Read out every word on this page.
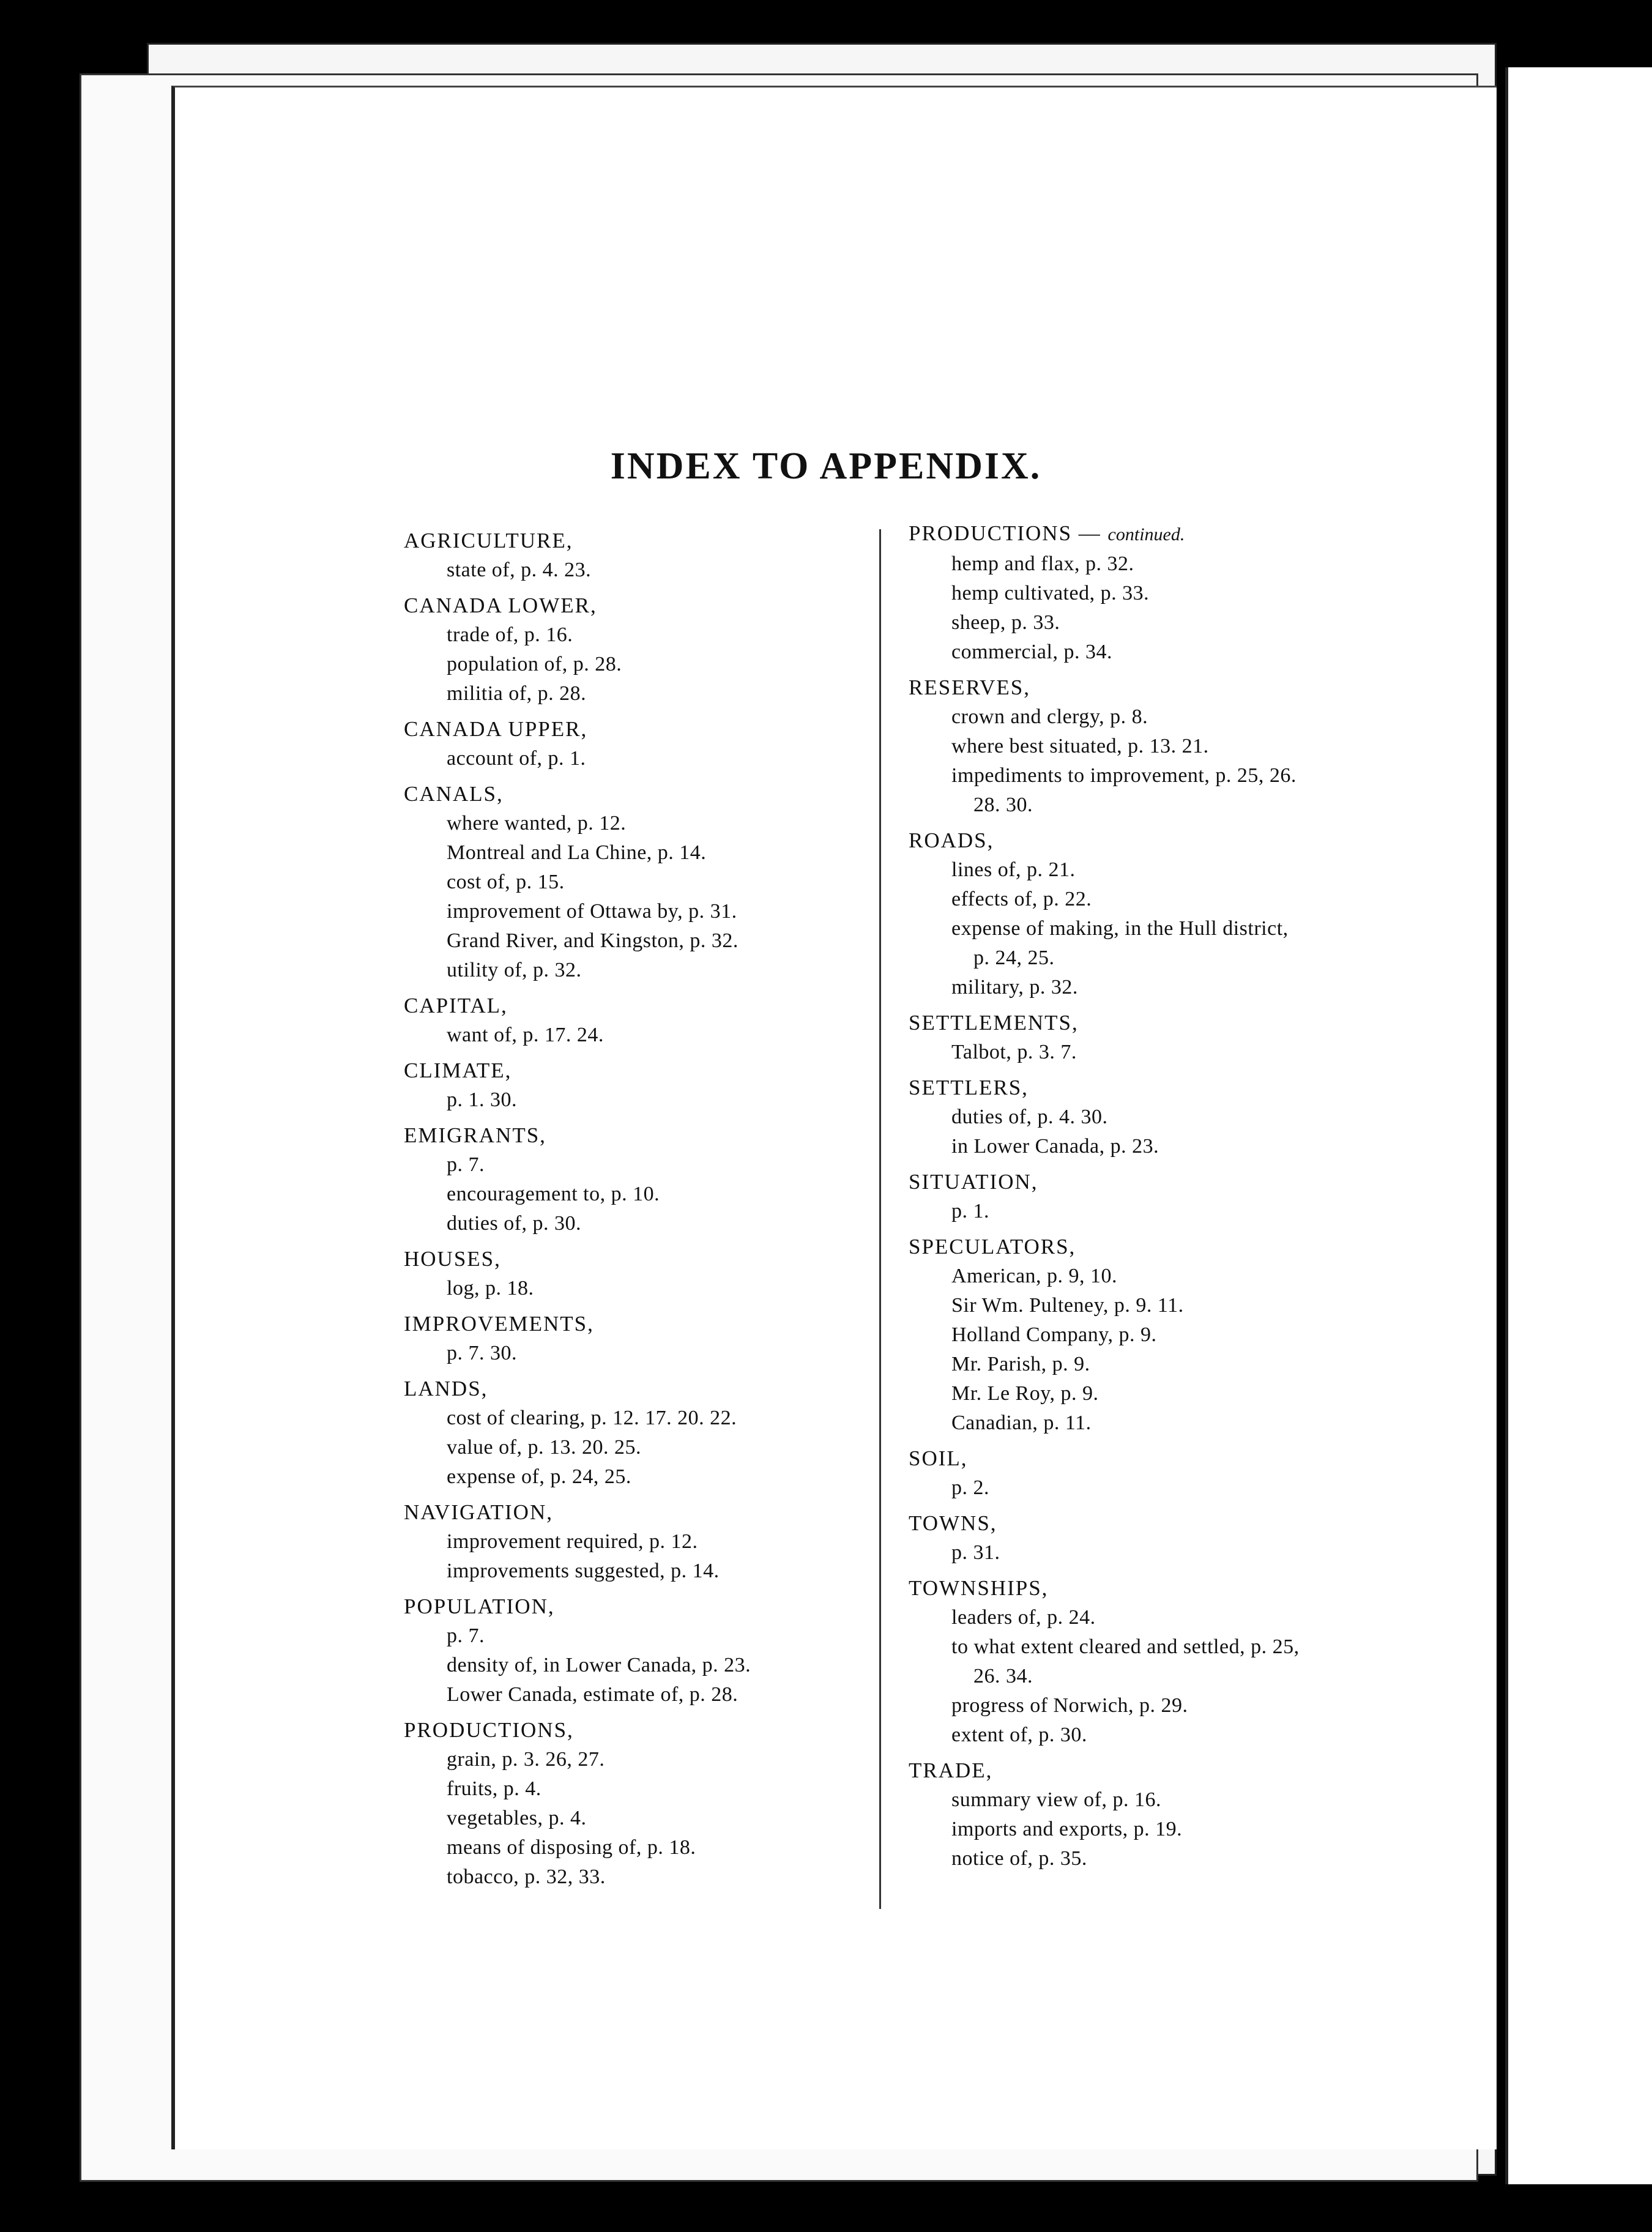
INDEX TO APPENDIX.
AGRICULTURE,
state of, p. 4. 23.
CANADA LOWER,
trade of, p. 16.
population of, p. 28.
militia of, p. 28.
CANADA UPPER,
account of, p. 1.
CANALS,
where wanted, p. 12.
Montreal and La Chine, p. 14.
cost of, p. 15.
improvement of Ottawa by, p. 31.
Grand River, and Kingston, p. 32.
utility of, p. 32.
CAPITAL,
want of, p. 17. 24.
CLIMATE,
p. 1. 30.
EMIGRANTS,
p. 7.
encouragement to, p. 10.
duties of, p. 30.
HOUSES,
log, p. 18.
IMPROVEMENTS,
p. 7. 30.
LANDS,
cost of clearing, p. 12. 17. 20. 22.
value of, p. 13. 20. 25.
expense of, p. 24, 25.
NAVIGATION,
improvement required, p. 12.
improvements suggested, p. 14.
POPULATION,
p. 7.
density of, in Lower Canada, p. 23.
Lower Canada, estimate of, p. 28.
PRODUCTIONS,
grain, p. 3. 26, 27.
fruits, p. 4.
vegetables, p. 4.
means of disposing of, p. 18.
tobacco, p. 32, 33.
PRODUCTIONS — continued.
hemp and flax, p. 32.
hemp cultivated, p. 33.
sheep, p. 33.
commercial, p. 34.
RESERVES,
crown and clergy, p. 8.
where best situated, p. 13. 21.
impediments to improvement, p. 25, 26.
28. 30.
ROADS,
lines of, p. 21.
effects of, p. 22.
expense of making, in the Hull district,
p. 24, 25.
military, p. 32.
SETTLEMENTS,
Talbot, p. 3. 7.
SETTLERS,
duties of, p. 4. 30.
in Lower Canada, p. 23.
SITUATION,
p. 1.
SPECULATORS,
American, p. 9, 10.
Sir Wm. Pulteney, p. 9. 11.
Holland Company, p. 9.
Mr. Parish, p. 9.
Mr. Le Roy, p. 9.
Canadian, p. 11.
SOIL,
p. 2.
TOWNS,
p. 31.
TOWNSHIPS,
leaders of, p. 24.
to what extent cleared and settled, p. 25,
26. 34.
progress of Norwich, p. 29.
extent of, p. 30.
TRADE,
summary view of, p. 16.
imports and exports, p. 19.
notice of, p. 35.
